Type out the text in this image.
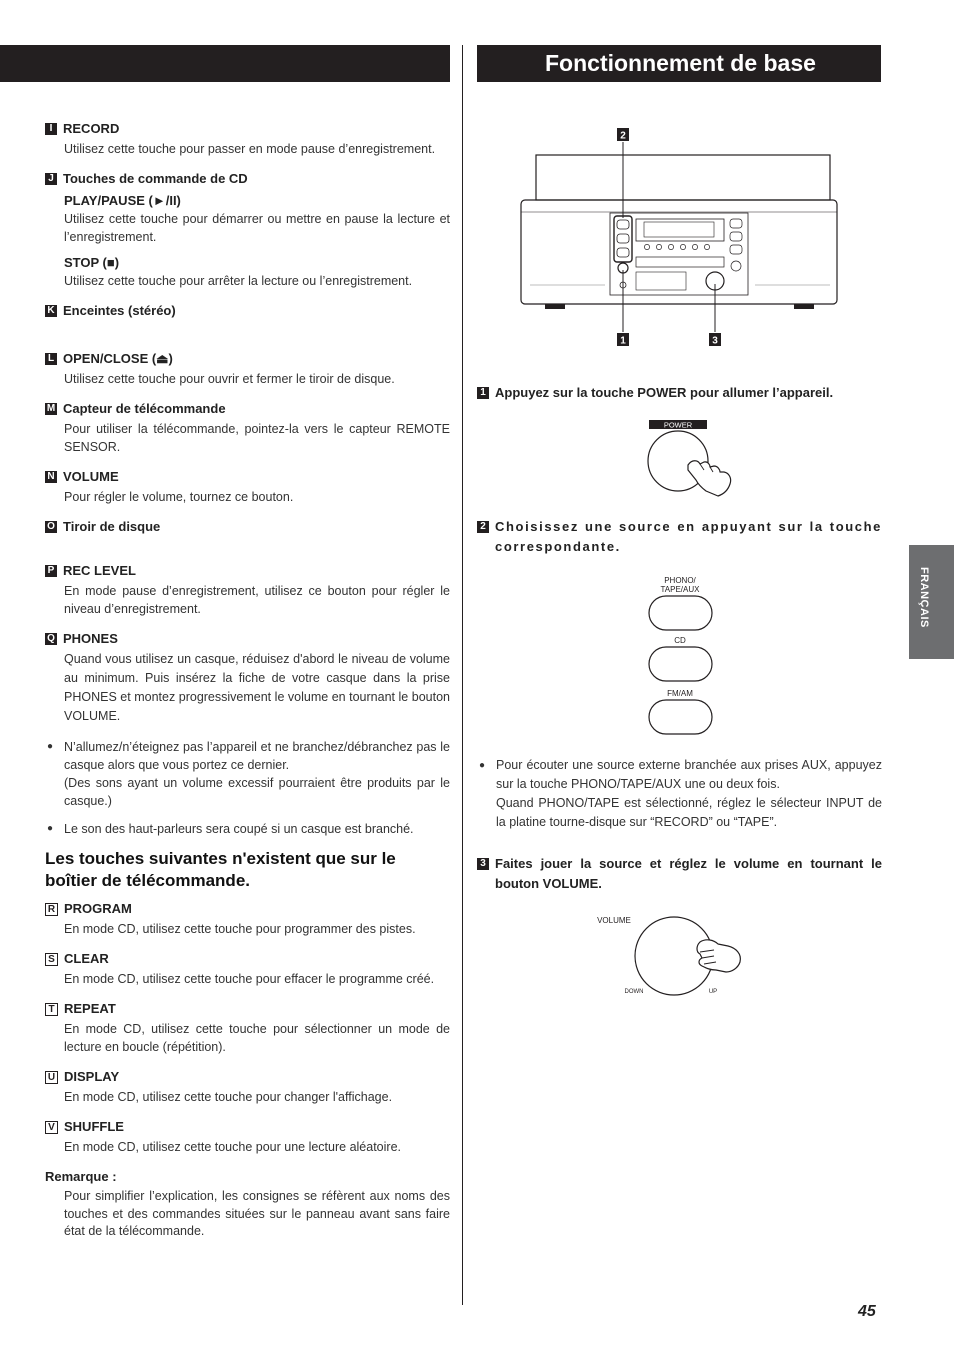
Fonctionnement de base
I RECORD
Utilisez cette touche pour passer en mode pause d’enregistrement.
J Touches de commande de CD
PLAY/PAUSE (►/II)
Utilisez cette touche pour démarrer ou mettre en pause la lecture et l’enregistrement.
STOP (■)
Utilisez cette touche pour arrêter la lecture ou l’enregistrement.
K Enceintes (stéréo)
L OPEN/CLOSE (⏏)
Utilisez cette touche pour ouvrir et fermer le tiroir de disque.
M Capteur de télécommande
Pour utiliser la télécommande, pointez-la vers le capteur REMOTE SENSOR.
N VOLUME
Pour régler le volume, tournez ce bouton.
O Tiroir de disque
P REC LEVEL
En mode pause d’enregistrement, utilisez ce bouton pour régler le niveau d’enregistrement.
Q PHONES
Quand vous utilisez un casque, réduisez d'abord le niveau de volume au minimum. Puis insérez la fiche de votre casque dans la prise PHONES et montez progressivement le volume en tournant le bouton VOLUME.
● N’allumez/n’éteignez pas l’appareil et ne branchez/débranchez pas le casque alors que vous portez ce dernier.
(Des sons ayant un volume excessif pourraient être produits par le casque.)
● Le son des haut-parleurs sera coupé si un casque est branché.
Les touches suivantes n'existent que sur le boîtier de télécommande.
R PROGRAM
En mode CD, utilisez cette touche pour programmer des pistes.
S CLEAR
En mode CD, utilisez cette touche pour effacer le programme créé.
T REPEAT
En mode CD, utilisez cette touche pour sélectionner un mode de lecture en boucle (répétition).
U DISPLAY
En mode CD, utilisez cette touche pour changer l'affichage.
V SHUFFLE
En mode CD, utilisez cette touche pour une lecture aléatoire.
Remarque :
Pour simplifier l’explication, les consignes se réfèrent aux noms des touches et des commandes situées sur le panneau avant sans faire état de la télécommande.
2
1	3
1 Appuyez sur la touche POWER pour allumer l’appareil.
POWER
2 Choisissez une source en appuyant sur la touche correspondante.
PHONO/
TAPE/AUX
CD
FM/AM
● Pour écouter une source externe branchée aux prises AUX, appuyez sur la touche PHONO/TAPE/AUX une ou deux fois.
Quand PHONO/TAPE est sélectionné, réglez le sélecteur INPUT de la platine tourne-disque sur “RECORD” ou “TAPE”.
3 Faites jouer la source et réglez le volume en tournant le bouton VOLUME.
VOLUME
DOWN	UP
FRANÇAIS
45
